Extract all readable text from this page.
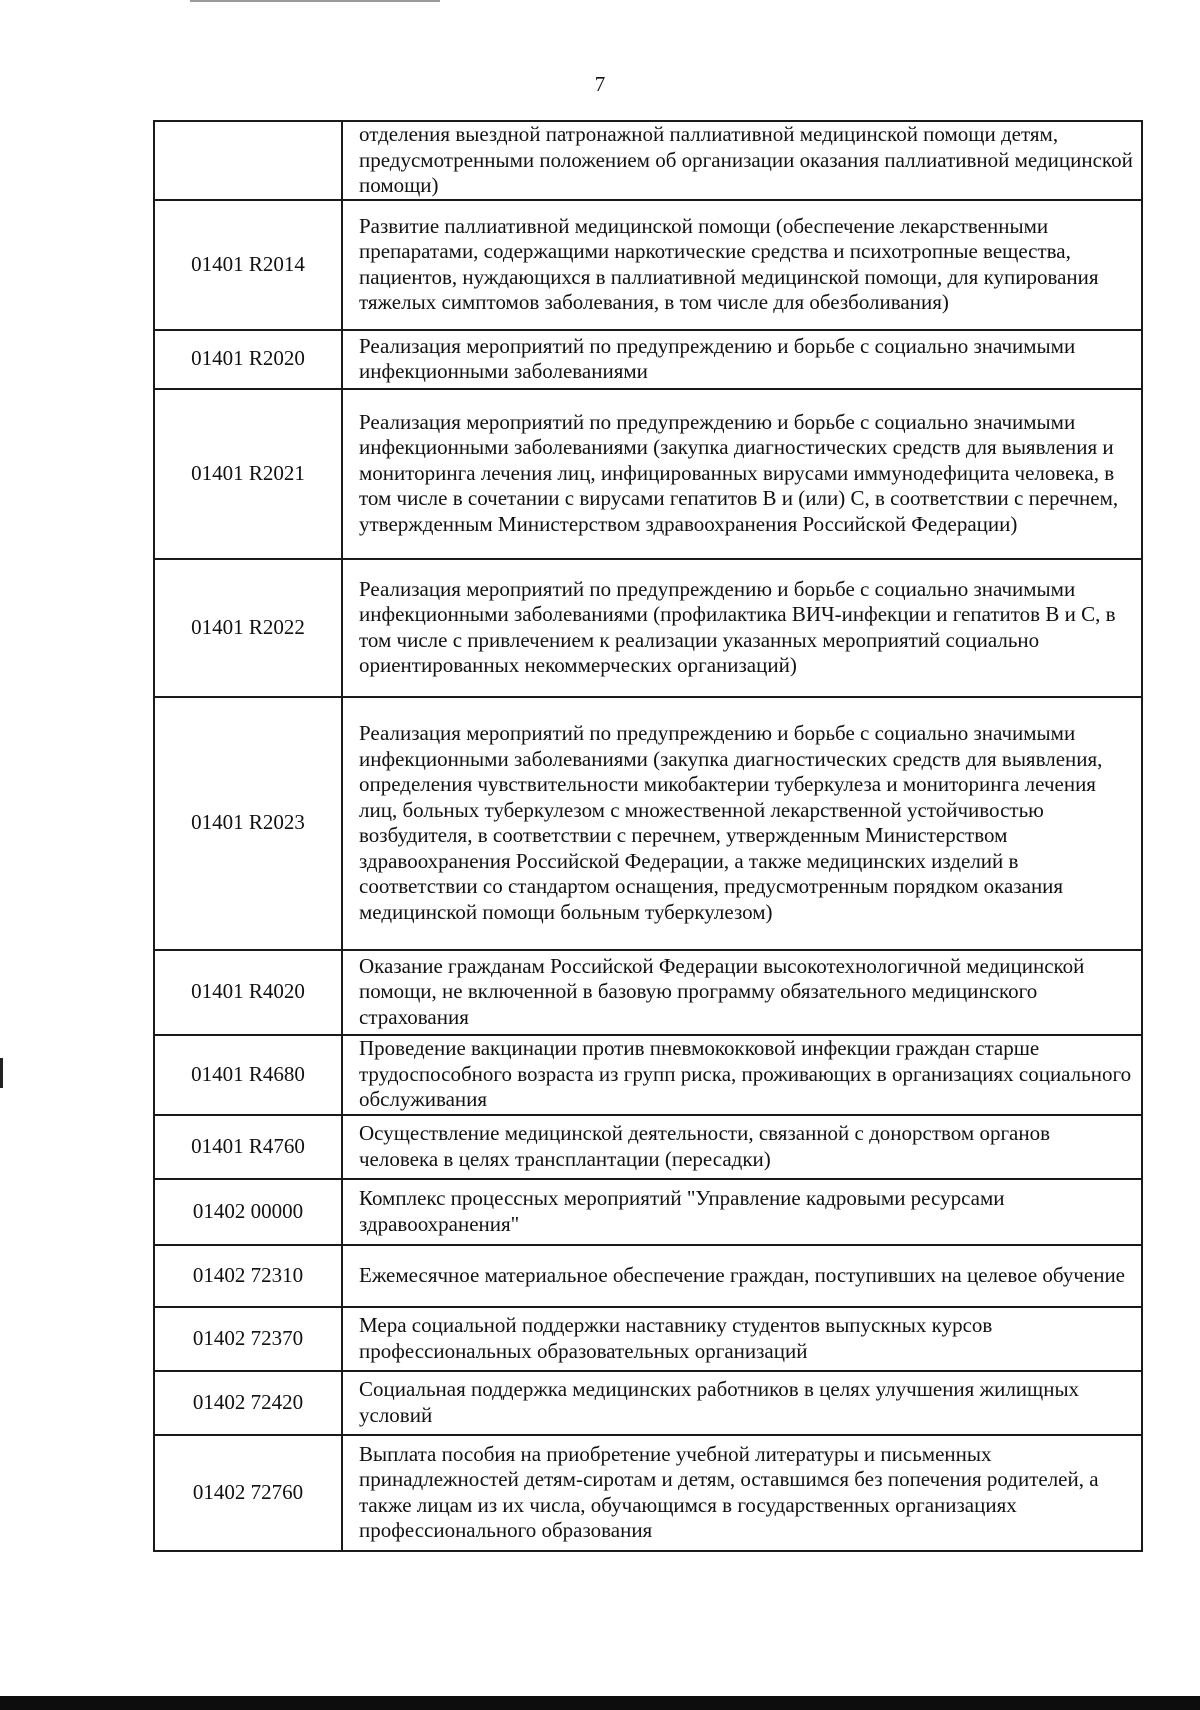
7
	отделения выездной патронажной паллиативной медицинской помощи детям, предусмотренными положением об организации оказания паллиативной медицинской помощи)
01401 R2014	Развитие паллиативной медицинской помощи (обеспечение лекарственными препаратами, содержащими наркотические средства и психотропные вещества, пациентов, нуждающихся в паллиативной медицинской помощи, для купирования тяжелых симптомов заболевания, в том числе для обезболивания)
01401 R2020	Реализация мероприятий по предупреждению и борьбе с социально значимыми инфекционными заболеваниями
01401 R2021	Реализация мероприятий по предупреждению и борьбе с социально значимыми инфекционными заболеваниями (закупка диагностических средств для выявления и мониторинга лечения лиц, инфицированных вирусами иммунодефицита человека, в том числе в сочетании с вирусами гепатитов B и (или) C, в соответствии с перечнем, утвержденным Министерством здравоохранения Российской Федерации)
01401 R2022	Реализация мероприятий по предупреждению и борьбе с социально значимыми инфекционными заболеваниями (профилактика ВИЧ-инфекции и гепатитов B и C, в том числе с привлечением к реализации указанных мероприятий социально ориентированных некоммерческих организаций)
01401 R2023	Реализация мероприятий по предупреждению и борьбе с социально значимыми инфекционными заболеваниями (закупка диагностических средств для выявления, определения чувствительности микобактерии туберкулеза и мониторинга лечения лиц, больных туберкулезом с множественной лекарственной устойчивостью возбудителя, в соответствии с перечнем, утвержденным Министерством здравоохранения Российской Федерации, а также медицинских изделий в соответствии со стандартом оснащения, предусмотренным порядком оказания медицинской помощи больным туберкулезом)
01401 R4020	Оказание гражданам Российской Федерации высокотехнологичной медицинской помощи, не включенной в базовую программу обязательного медицинского страхования
01401 R4680	Проведение вакцинации против пневмококковой инфекции граждан старше трудоспособного возраста из групп риска, проживающих в организациях социального обслуживания
01401 R4760	Осуществление медицинской деятельности, связанной с донорством органов человека в целях трансплантации (пересадки)
01402 00000	Комплекс процессных мероприятий "Управление кадровыми ресурсами здравоохранения"
01402 72310	Ежемесячное материальное обеспечение граждан, поступивших на целевое обучение
01402 72370	Мера социальной поддержки наставнику студентов выпускных курсов профессиональных образовательных организаций
01402 72420	Социальная поддержка медицинских работников в целях улучшения жилищных условий
01402 72760	Выплата пособия на приобретение учебной литературы и письменных принадлежностей детям-сиротам и детям, оставшимся без попечения родителей, а также лицам из их числа, обучающимся в государственных организациях профессионального образования
